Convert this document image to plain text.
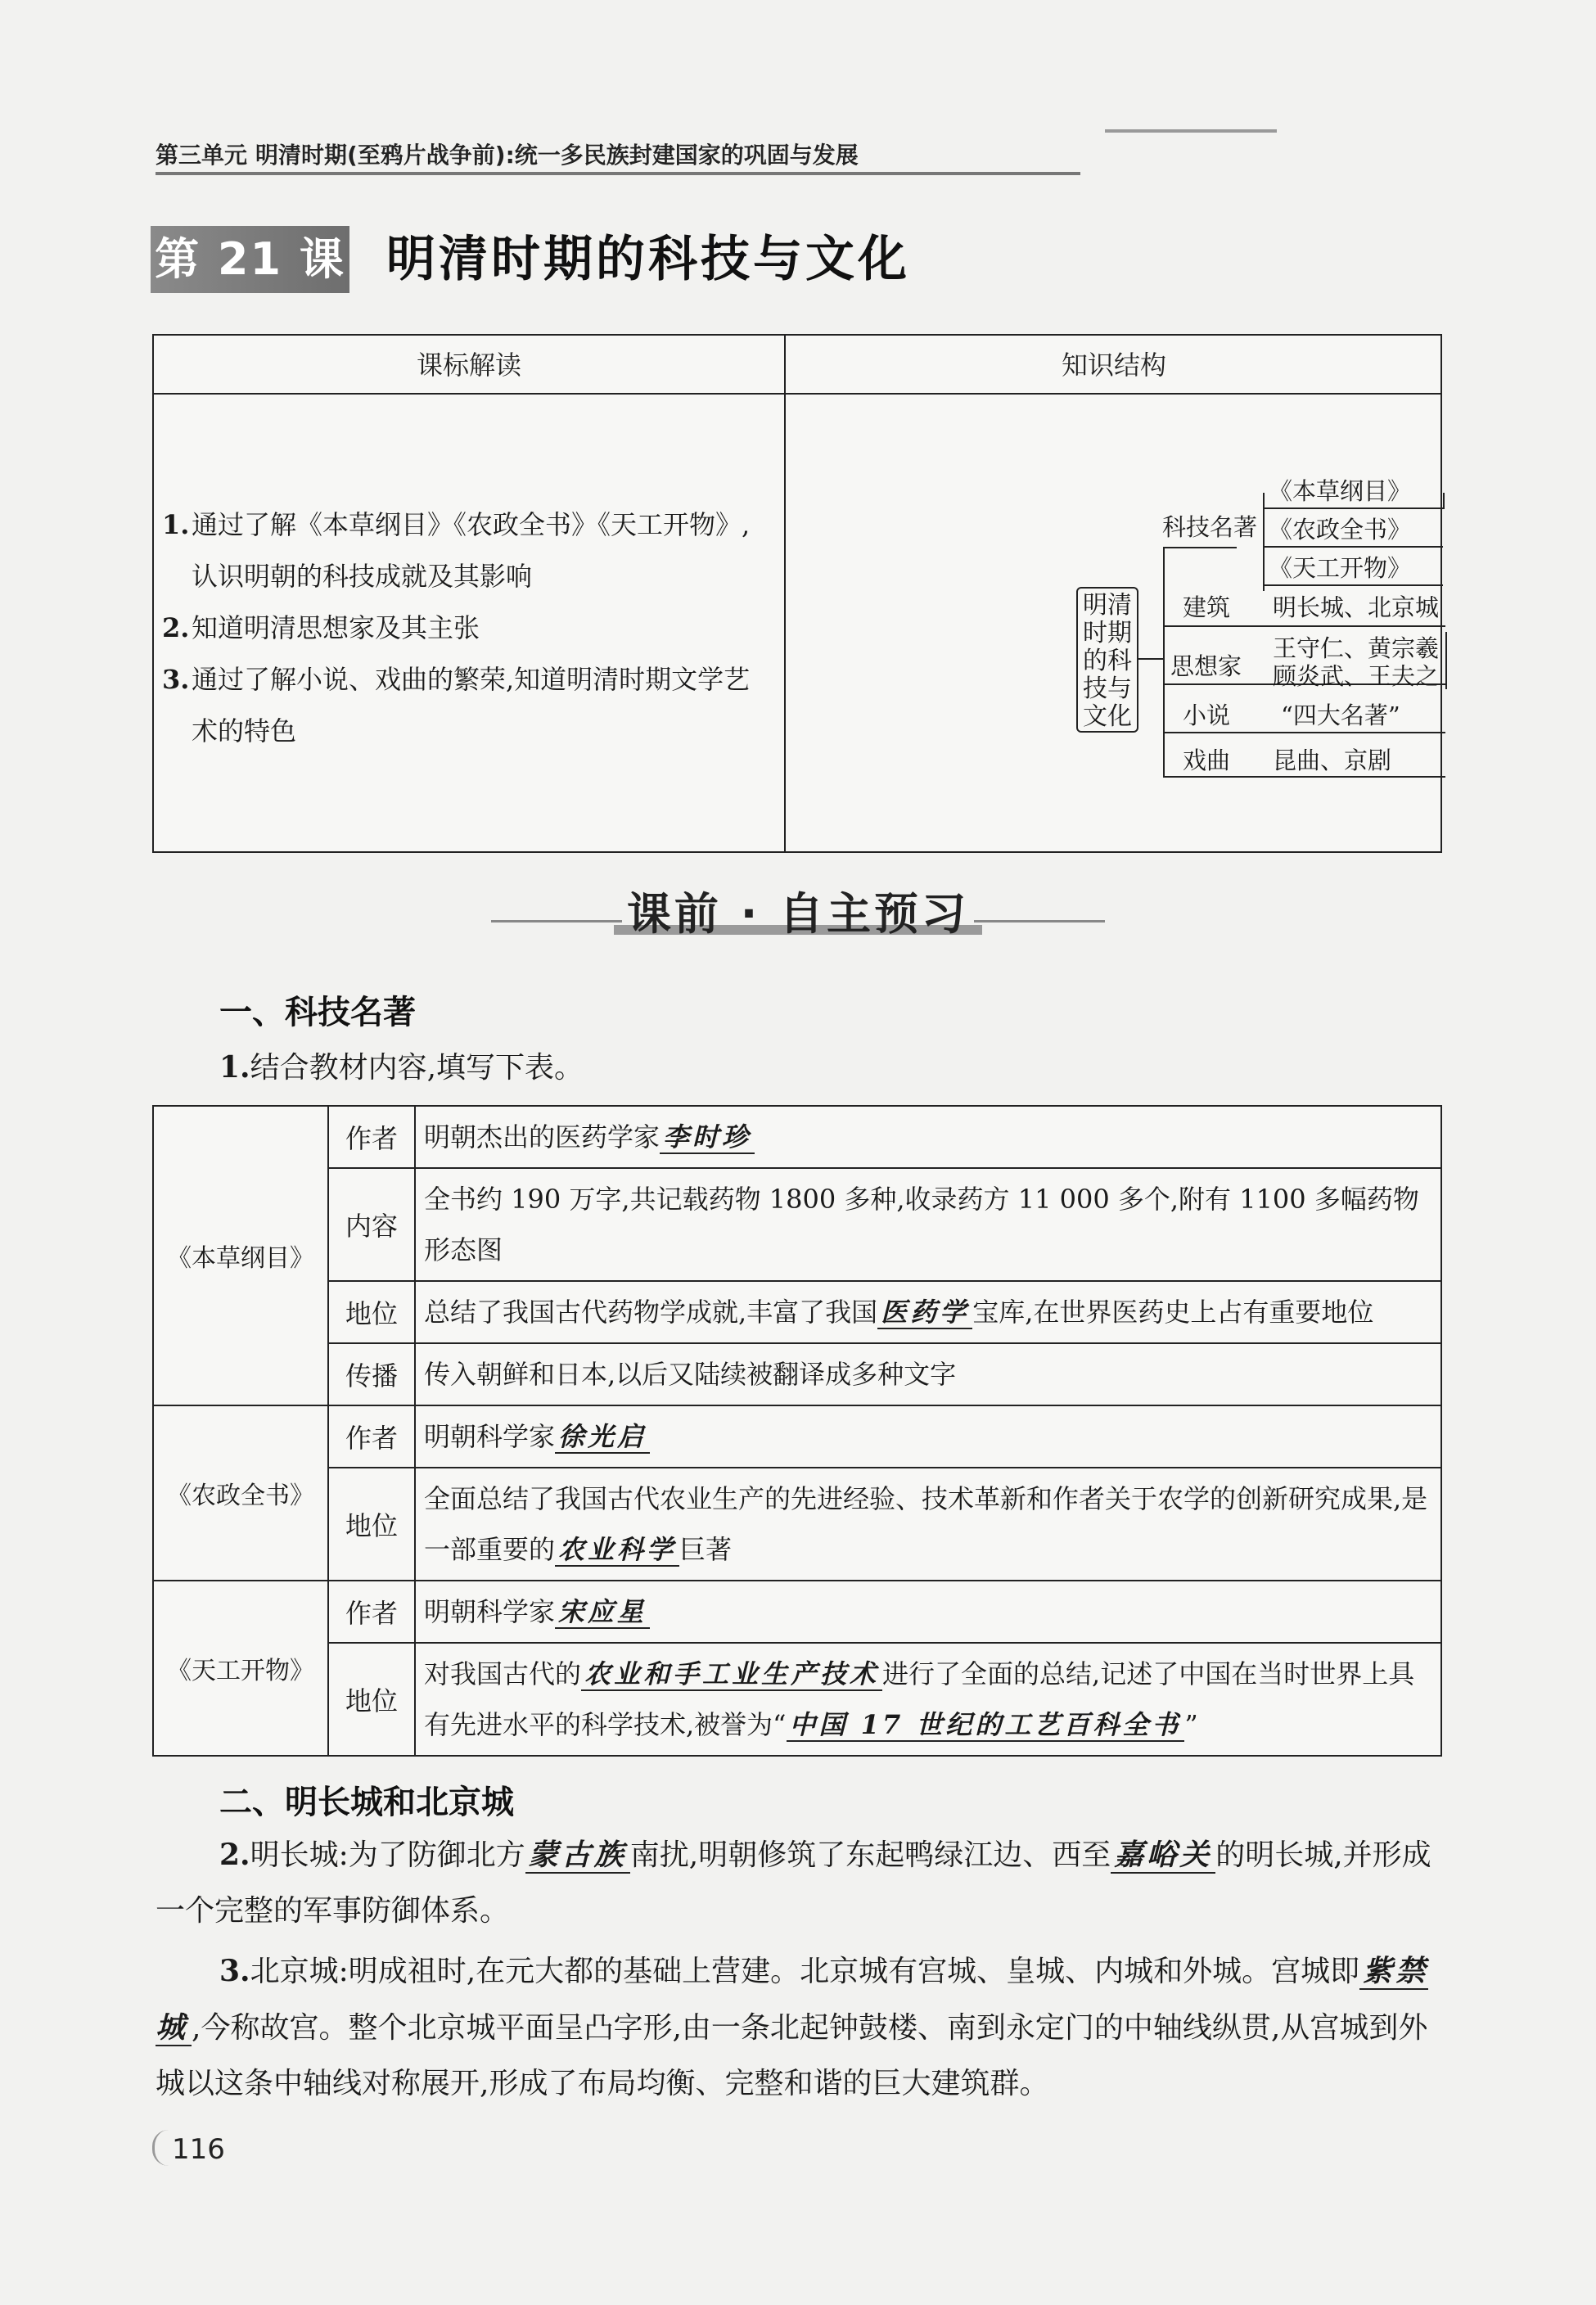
第三单元 明清时期(至鸦片战争前):统一多民族封建国家的巩固与发展
第 21 课 明清时期的科技与文化
课标解读	知识结构
1. 通过了解《本草纲目》《农政全书》《天工开物》,认识明朝的科技成就及其影响
2. 知道明清思想家及其主张
3. 通过了解小说、戏曲的繁荣,知道明清时期文学艺术的特色
明清时期的科技与文化
科技名著
《本草纲目》
《农政全书》
《天工开物》
建筑 明长城、北京城
思想家
王守仁、黄宗羲
顾炎武、王夫之
小说 “四大名著”
戏曲 昆曲、京剧
课前 · 自主预习
一、科技名著
1.结合教材内容,填写下表。
《本草纲目》	作者	明朝杰出的医药学家 李时珍
	内容	全书约 190 万字,共记载药物 1800 多种,收录药方 11 000 多个,附有 1100 多幅药物形态图
	地位	总结了我国古代药物学成就,丰富了我国 医药学 宝库,在世界医药史上占有重要地位
	传播	传入朝鲜和日本,以后又陆续被翻译成多种文字
《农政全书》	作者	明朝科学家 徐光启
	地位	全面总结了我国古代农业生产的先进经验、技术革新和作者关于农学的创新研究成果,是一部重要的 农业科学 巨著
《天工开物》	作者	明朝科学家 宋应星
	地位	对我国古代的 农业和手工业生产技术 进行了全面的总结,记述了中国在当时世界上具有先进水平的科学技术,被誉为“ 中国 17 世纪的工艺百科全书 ”
二、明长城和北京城
2.明长城:为了防御北方 蒙古族 南扰,明朝修筑了东起鸭绿江边、西至 嘉峪关 的明长城,并形成一个完整的军事防御体系。
3.北京城:明成祖时,在元大都的基础上营建。北京城有宫城、皇城、内城和外城。宫城即 紫禁城 ,今称故宫。整个北京城平面呈凸字形,由一条北起钟鼓楼、南到永定门的中轴线纵贯,从宫城到外城以这条中轴线对称展开,形成了布局均衡、完整和谐的巨大建筑群。
116
